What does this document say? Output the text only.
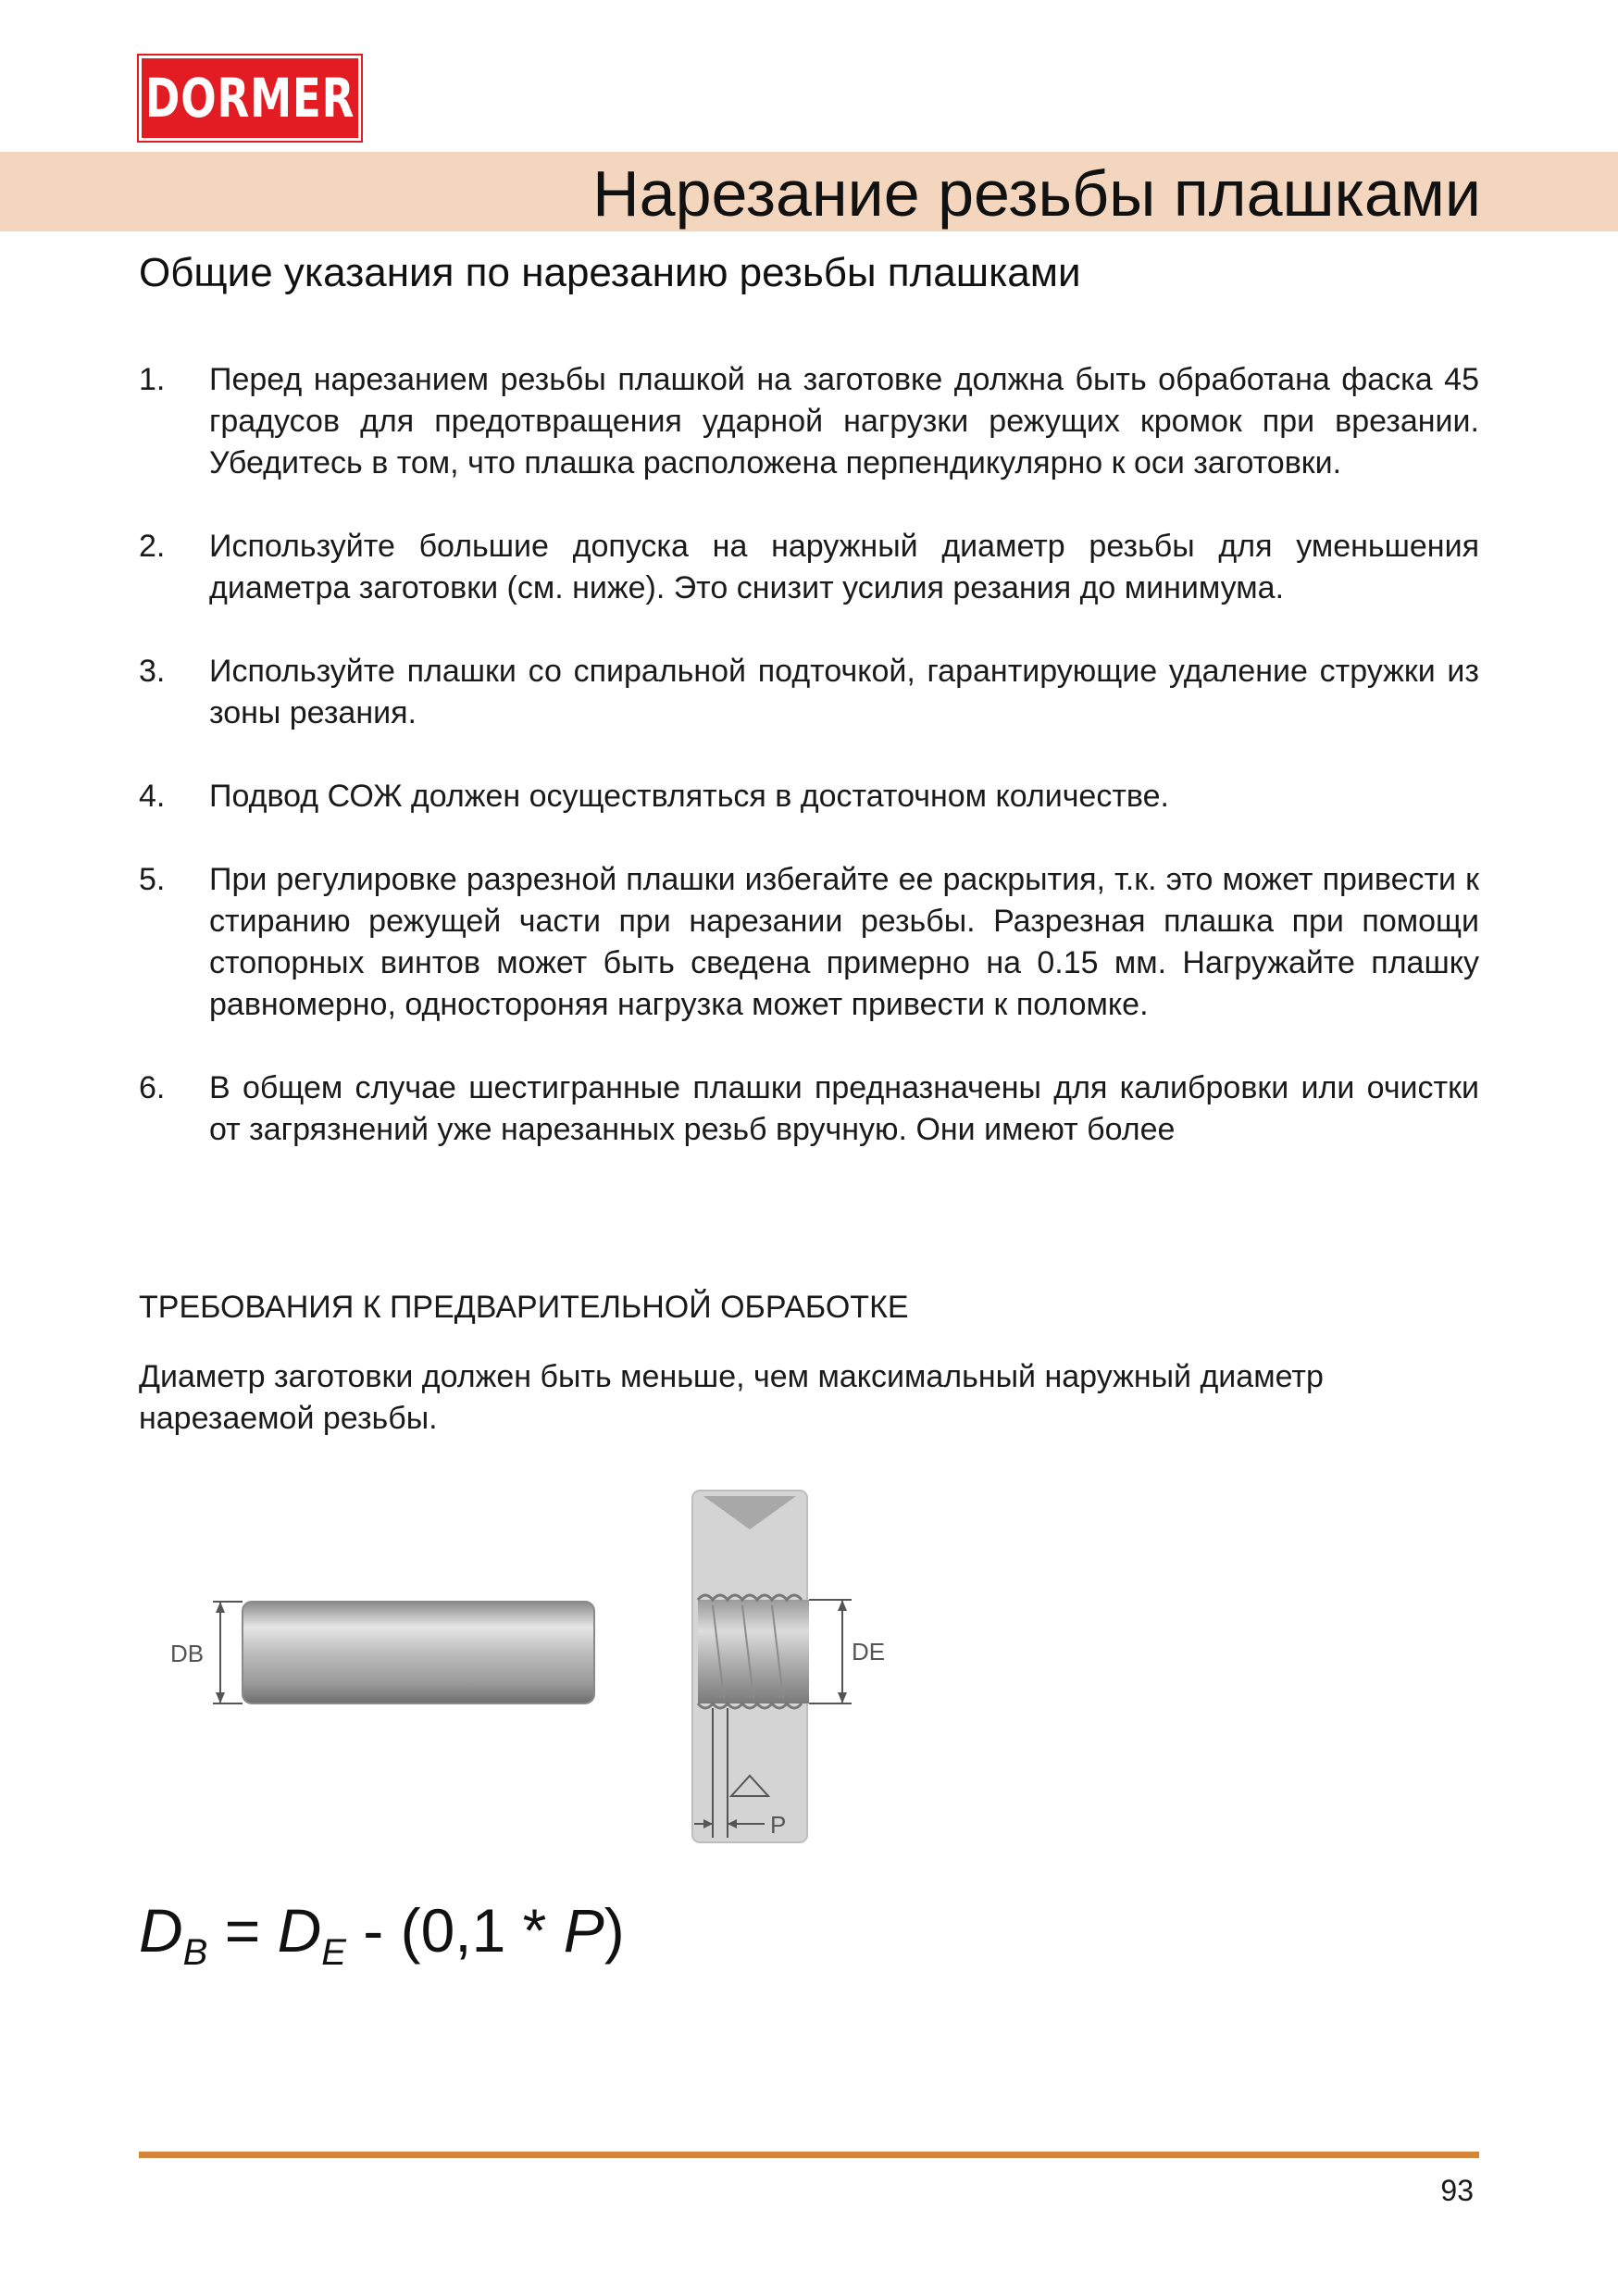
DORMER
Нарезание резьбы плашками
Общие указания по нарезанию резьбы плашками
1. Перед нарезанием резьбы плашкой на заготовке должна быть обработана фаска 45 градусов для предотвращения ударной нагрузки режущих кромок при врезании. Убедитесь в том, что плашка расположена перпендикулярно к оси заготовки.
2. Используйте большие допуска на наружный диаметр резьбы для уменьшения диаметра заготовки (см. ниже). Это снизит усилия резания до минимума.
3. Используйте плашки со спиральной подточкой, гарантирующие удаление стружки из зоны резания.
4. Подвод СОЖ должен осуществляться в достаточном количестве.
5. При регулировке разрезной плашки избегайте ее раскрытия, т.к. это может привести к стиранию режущей части при нарезании резьбы. Разрезная плашка при помощи стопорных винтов может быть сведена примерно на 0.15 мм. Нагружайте плашку равномерно, одностороняя нагрузка может привести к поломке.
6. В общем случае шестигранные плашки предназначены для калибровки или очистки от загрязнений уже нарезанных резьб вручную. Они имеют более
ТРЕБОВАНИЯ К ПРЕДВАРИТЕЛЬНОЙ ОБРАБОТКЕ

Диаметр заготовки должен быть меньше, чем максимальный наружный диаметр нарезаемой резьбы.

DB	DE
P
$D_B = D_E - (0,1 * P)$
93
